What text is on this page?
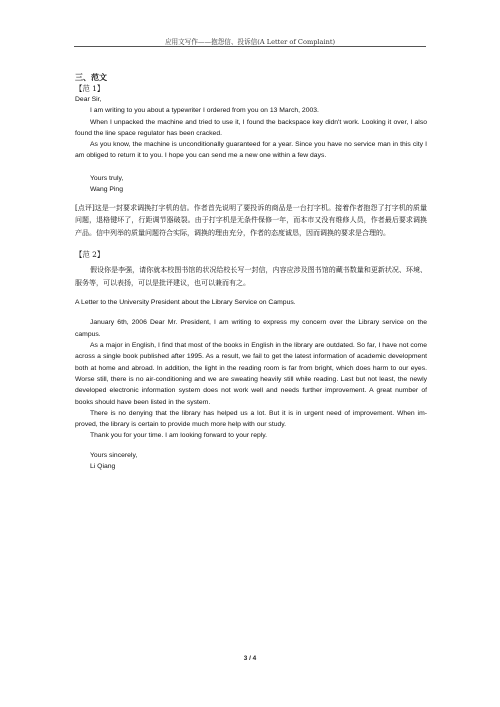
应用文写作——抱怨信、投诉信(A Letter of Complaint)
三、范文
【范 1】

Dear Sir,

I am writing to you about a typewriter I ordered from you on 13 March, 2003.

When I unpacked the machine and tried to use it, I found the backspace key didn't work. Looking it over, I also found the line space regulator has been cracked.

As you know, the machine is unconditionally guaranteed for a year. Since you have no service man in this city I am obliged to return it to you. I hope you can send me a new one within a few days.

Yours truly,

Wang Ping

[点评]这是一封要求调换打字机的信。作者首先说明了要投诉的商品是一台打字机。接着作者抱怨了打字机的质量问题，退格键坏了，行距调节器破裂。由于打字机是无条件保修一年，而本市又没有维修人员，作者最后要求调换产品。信中列举的质量问题符合实际，调换的理由充分，作者的态度诚恳，因而调换的要求是合理的。

【范 2】

假设你是李强，请你就本校图书馆的状况给校长写一封信，内容应涉及图书馆的藏书数量和更新状况、环境、服务等，可以表扬，可以是批评建议，也可以兼而有之。

A Letter to the University President about the Library Service on Campus.

January 6th, 2006 Dear Mr. President, I am writing to express my concern over the Library service on the campus.

As a major in English, I find that most of the books in English in the library are outdated. So far, I have not come across a single book published after 1995. As a result, we fail to get the latest information of academic development both at home and abroad. In addition, the light in the reading room is far from bright, which does harm to our eyes. Worse still, there is no air-conditioning and we are sweating heavily still while reading. Last but not least, the newly developed electronic information system does not work well and needs further improvement. A great number of books should have been listed in the system.

There is no denying that the library has helped us a lot. But it is in urgent need of improvement. When im-proved, the library is certain to provide much more help with our study.

Thank you for your time. I am looking forward to your reply.

Yours sincerely,

Li Qiang

3 / 4
